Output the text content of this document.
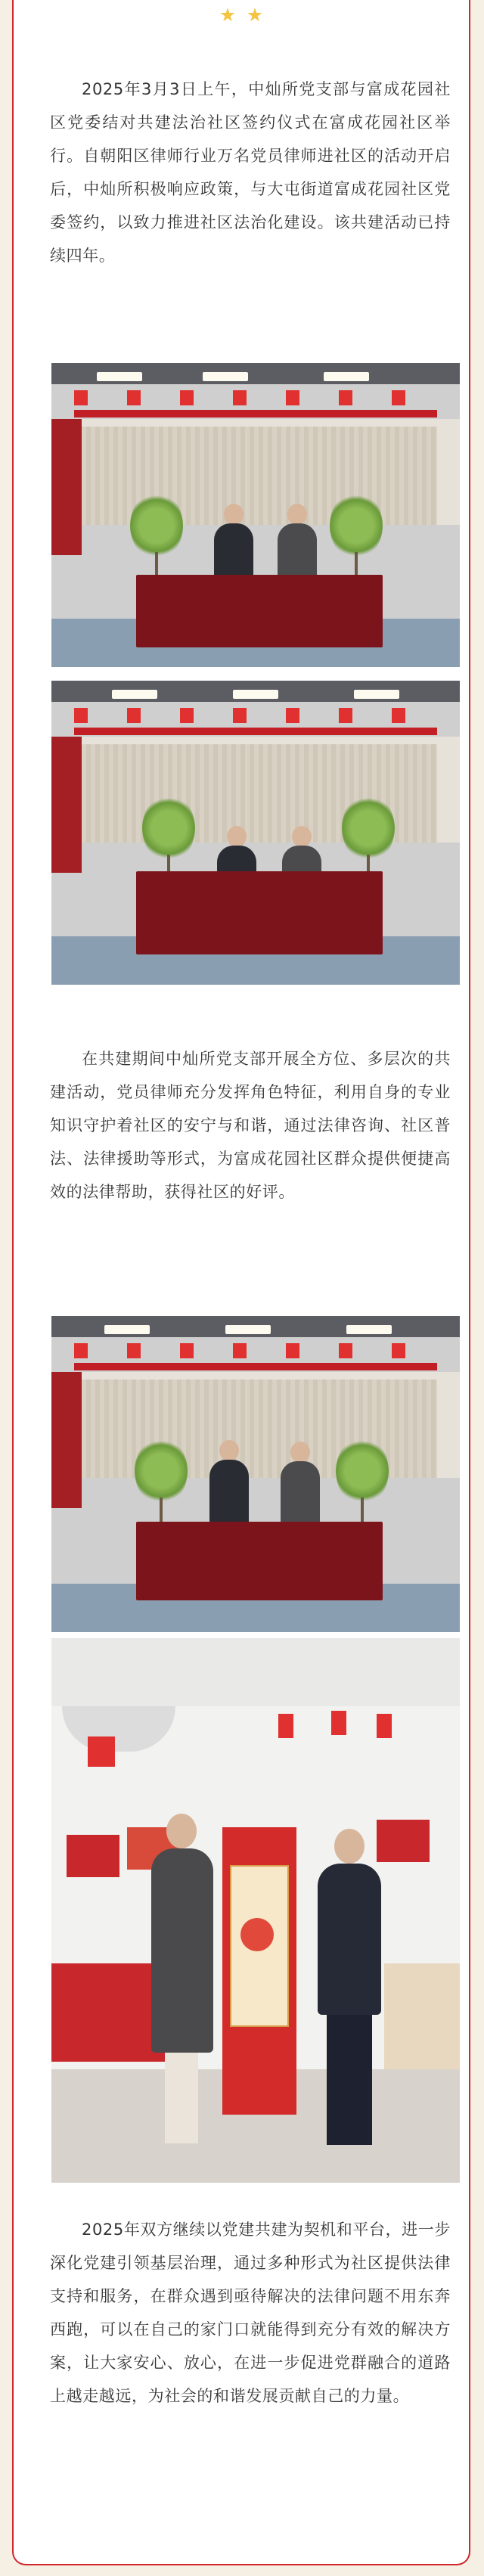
2025年3月3日上午，中灿所党支部与富成花园社区党委结对共建法治社区签约仪式在富成花园社区举行。自朝阳区律师行业万名党员律师进社区的活动开启后，中灿所积极响应政策，与大屯街道富成花园社区党委签约，以致力推进社区法治化建设。该共建活动已持续四年。

在共建期间中灿所党支部开展全方位、多层次的共建活动，党员律师充分发挥角色特征，利用自身的专业知识守护着社区的安宁与和谐，通过法律咨询、社区普法、法律援助等形式，为富成花园社区群众提供便捷高效的法律帮助，获得社区的好评。

2025年双方继续以党建共建为契机和平台，进一步深化党建引领基层治理，通过多种形式为社区提供法律支持和服务，在群众遇到亟待解决的法律问题不用东奔西跑，可以在自己的家门口就能得到充分有效的解决方案，让大家安心、放心，在进一步促进党群融合的道路上越走越远，为社会的和谐发展贡献自己的力量。
